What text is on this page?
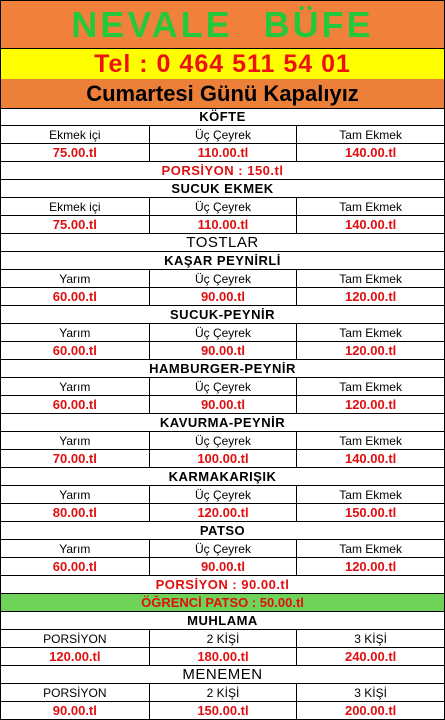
NEVALE BÜFE
Tel : 0 464 511 54 01
Cumartesi Günü Kapalıyız
KÖFTE
Ekmek içi	Üç Çeyrek	Tam Ekmek
75.00.tl	110.00.tl	140.00.tl
PORSİYON : 150.tl
SUCUK EKMEK
Ekmek içi	Üç Çeyrek	Tam Ekmek
75.00.tl	110.00.tl	140.00.tl
TOSTLAR
KAŞAR PEYNİRLİ
Yarım	Üç Çeyrek	Tam Ekmek
60.00.tl	90.00.tl	120.00.tl
SUCUK-PEYNİR
Yarım	Üç Çeyrek	Tam Ekmek
60.00.tl	90.00.tl	120.00.tl
HAMBURGER-PEYNİR
Yarım	Üç Çeyrek	Tam Ekmek
60.00.tl	90.00.tl	120.00.tl
KAVURMA-PEYNİR
Yarım	Üç Çeyrek	Tam Ekmek
70.00.tl	100.00.tl	140.00.tl
KARMAKARIŞIK
Yarım	Üç Çeyrek	Tam Ekmek
80.00.tl	120.00.tl	150.00.tl
PATSO
Yarım	Üç Çeyrek	Tam Ekmek
60.00.tl	90.00.tl	120.00.tl
PORSİYON : 90.00.tl
ÖĞRENCİ PATSO : 50.00.tl
MUHLAMA
PORSİYON	2 KİŞİ	3 KİŞİ
120.00.tl	180.00.tl	240.00.tl
MENEMEN
PORSİYON	2 KİŞİ	3 KİŞİ
90.00.tl	150.00.tl	200.00.tl
